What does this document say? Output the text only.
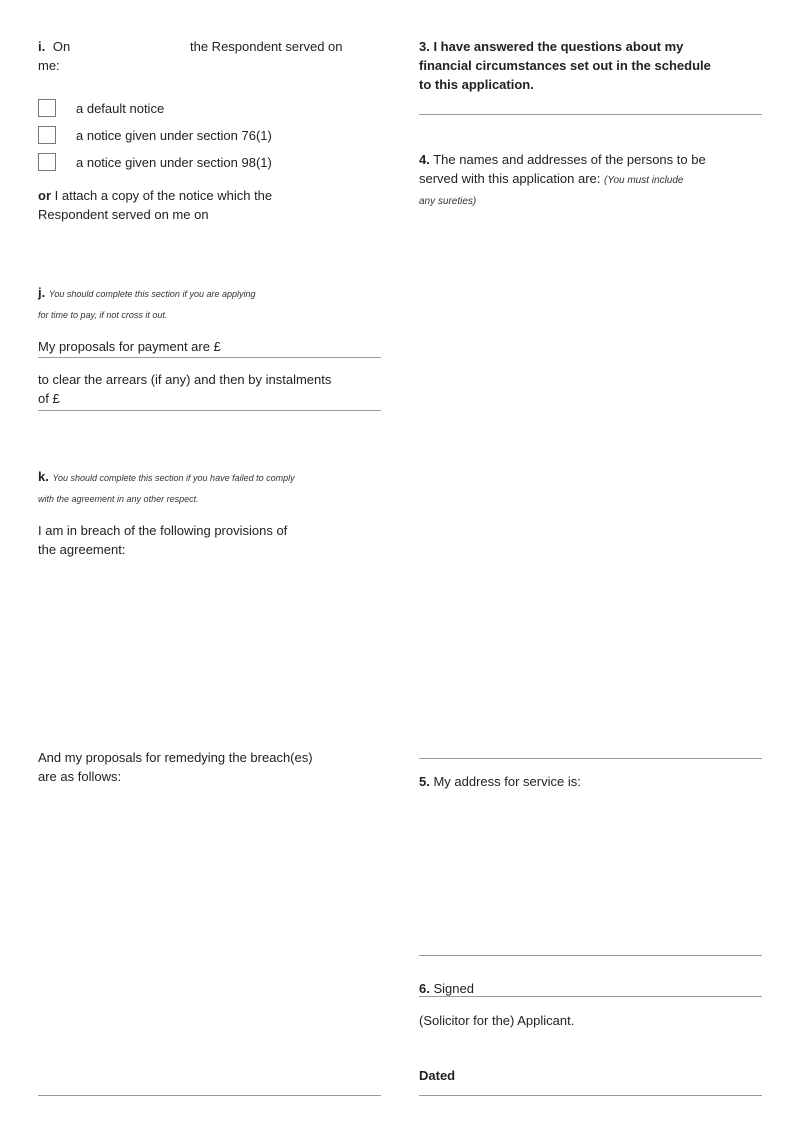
i. On	the Respondent served on
me:
a default notice
a notice given under section 76(1)
a notice given under section 98(1)
or I attach a copy of the notice which the
Respondent served on me on
j. You should complete this section if you are applying
for time to pay, if not cross it out.
My proposals for payment are £
to clear the arrears (if any) and then by instalments
of £
k. You should complete this section if you have failed to comply
with the agreement in any other respect.
I am in breach of the following provisions of
the agreement:
And my proposals for remedying the breach(es)
are as follows:
3. I have answered the questions about my
financial circumstances set out in the schedule
to this application.
4. The names and addresses of the persons to be
served with this application are: (You must include
any sureties)
5. My address for service is:
6. Signed
(Solicitor for the) Applicant.
Dated
